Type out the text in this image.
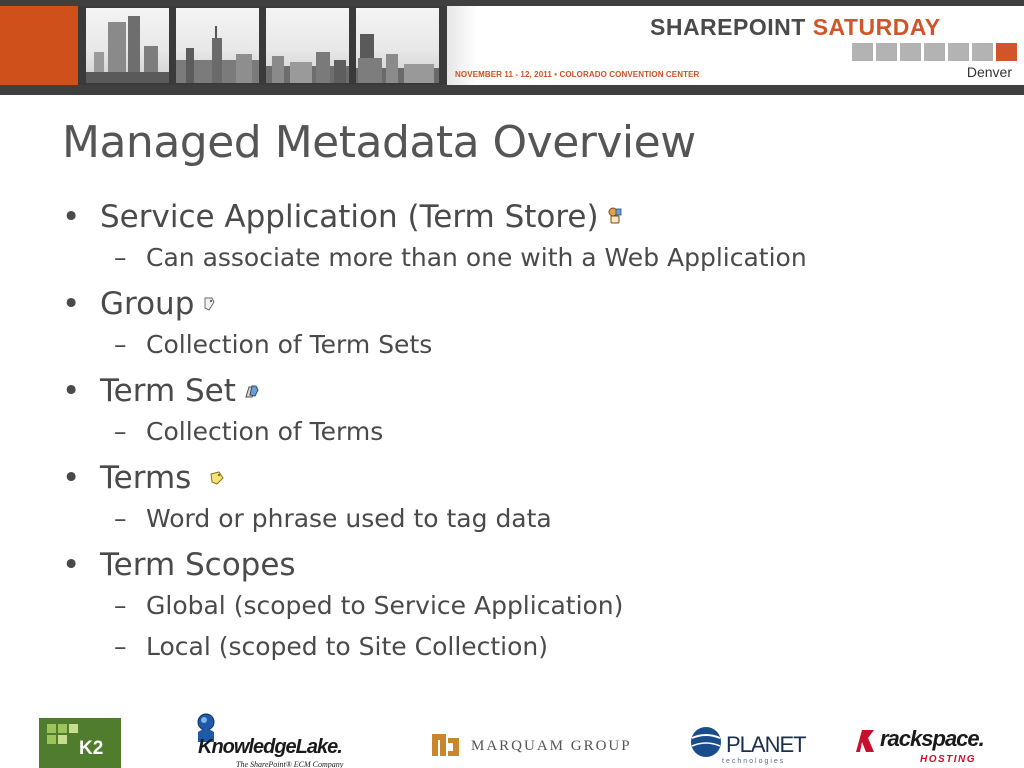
SHAREPOINT SATURDAY
Denver
NOVEMBER 11 - 12, 2011 • COLORADO CONVENTION CENTER
Managed Metadata Overview
• Service Application (Term Store)
– Can associate more than one with a Web Application
• Group
– Collection of Term Sets
• Term Set
– Collection of Terms
• Terms
– Word or phrase used to tag data
• Term Scopes
– Global (scoped to Service Application)
– Local (scoped to Site Collection)
K2	KnowledgeLake.
The SharePoint® ECM Company
MARQUAM GROUP	PLANET
technologies
rackspace.
HOSTING
